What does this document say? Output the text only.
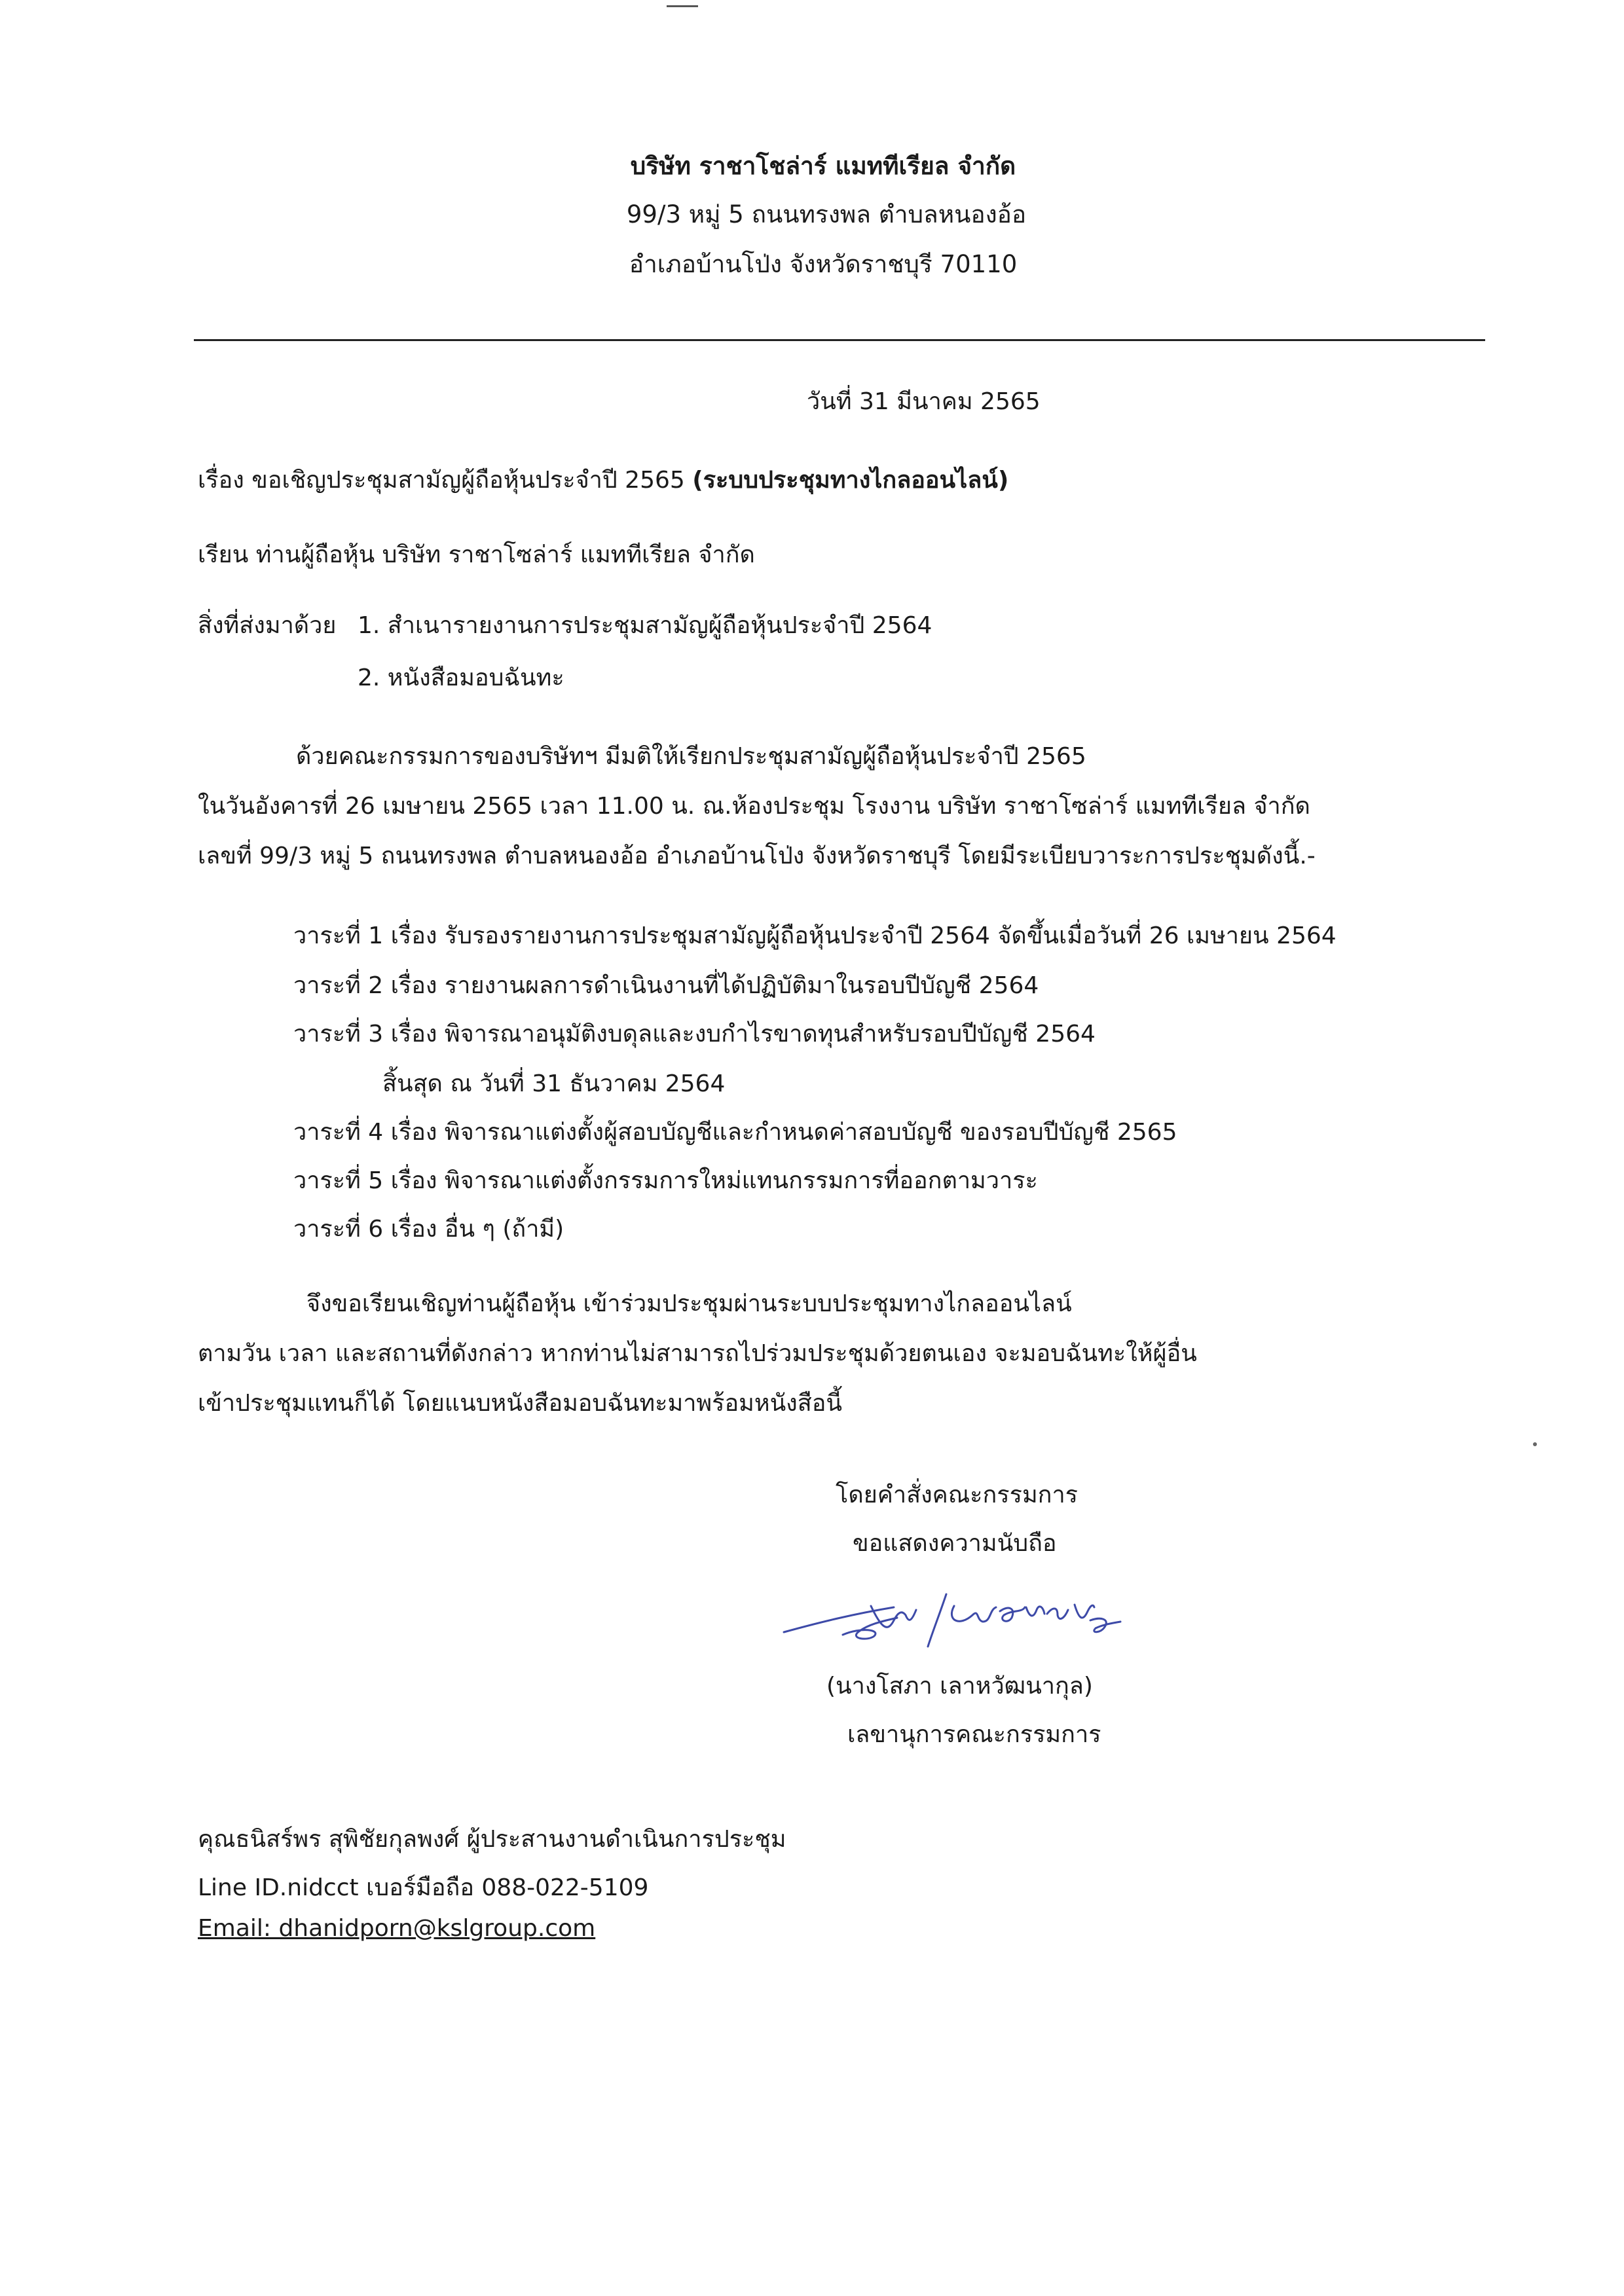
บริษัท ราชาโชล่าร์ แมททีเรียล จำกัด
99/3 หมู่ 5 ถนนทรงพล ตำบลหนองอ้อ
อำเภอบ้านโป่ง จังหวัดราชบุรี 70110
วันที่ 31 มีนาคม 2565
เรื่อง ขอเชิญประชุมสามัญผู้ถือหุ้นประจำปี 2565 (ระบบประชุมทางไกลออนไลน์)
เรียน ท่านผู้ถือหุ้น บริษัท ราชาโซล่าร์ แมททีเรียล จำกัด
สิ่งที่ส่งมาด้วย 1. สำเนารายงานการประชุมสามัญผู้ถือหุ้นประจำปี 2564
2. หนังสือมอบฉันทะ
ด้วยคณะกรรมการของบริษัทฯ มีมติให้เรียกประชุมสามัญผู้ถือหุ้นประจำปี 2565
ในวันอังคารที่ 26 เมษายน 2565 เวลา 11.00 น. ณ.ห้องประชุม โรงงาน บริษัท ราชาโซล่าร์ แมททีเรียล จำกัด
เลขที่ 99/3 หมู่ 5 ถนนทรงพล ตำบลหนองอ้อ อำเภอบ้านโป่ง จังหวัดราชบุรี โดยมีระเบียบวาระการประชุมดังนี้.-
วาระที่ 1 เรื่อง รับรองรายงานการประชุมสามัญผู้ถือหุ้นประจำปี 2564 จัดขึ้นเมื่อวันที่ 26 เมษายน 2564
วาระที่ 2 เรื่อง รายงานผลการดำเนินงานที่ได้ปฏิบัติมาในรอบปีบัญชี 2564
วาระที่ 3 เรื่อง พิจารณาอนุมัติงบดุลและงบกำไรขาดทุนสำหรับรอบปีบัญชี 2564
สิ้นสุด ณ วันที่ 31 ธันวาคม 2564
วาระที่ 4 เรื่อง พิจารณาแต่งตั้งผู้สอบบัญชีและกำหนดค่าสอบบัญชี ของรอบปีบัญชี 2565
วาระที่ 5 เรื่อง พิจารณาแต่งตั้งกรรมการใหม่แทนกรรมการที่ออกตามวาระ
วาระที่ 6 เรื่อง อื่น ๆ (ถ้ามี)
จึงขอเรียนเชิญท่านผู้ถือหุ้น เข้าร่วมประชุมผ่านระบบประชุมทางไกลออนไลน์
ตามวัน เวลา และสถานที่ดังกล่าว หากท่านไม่สามารถไปร่วมประชุมด้วยตนเอง จะมอบฉันทะให้ผู้อื่น
เข้าประชุมแทนก็ได้ โดยแนบหนังสือมอบฉันทะมาพร้อมหนังสือนี้
โดยคำสั่งคณะกรรมการ
ขอแสดงความนับถือ
(นางโสภา เลาหวัฒนากุล)
เลขานุการคณะกรรมการ
คุณธนิสร์พร สุพิชัยกุลพงศ์ ผู้ประสานงานดำเนินการประชุม
Line ID.nidcct เบอร์มือถือ 088-022-5109
Email: dhanidporn@kslgroup.com
